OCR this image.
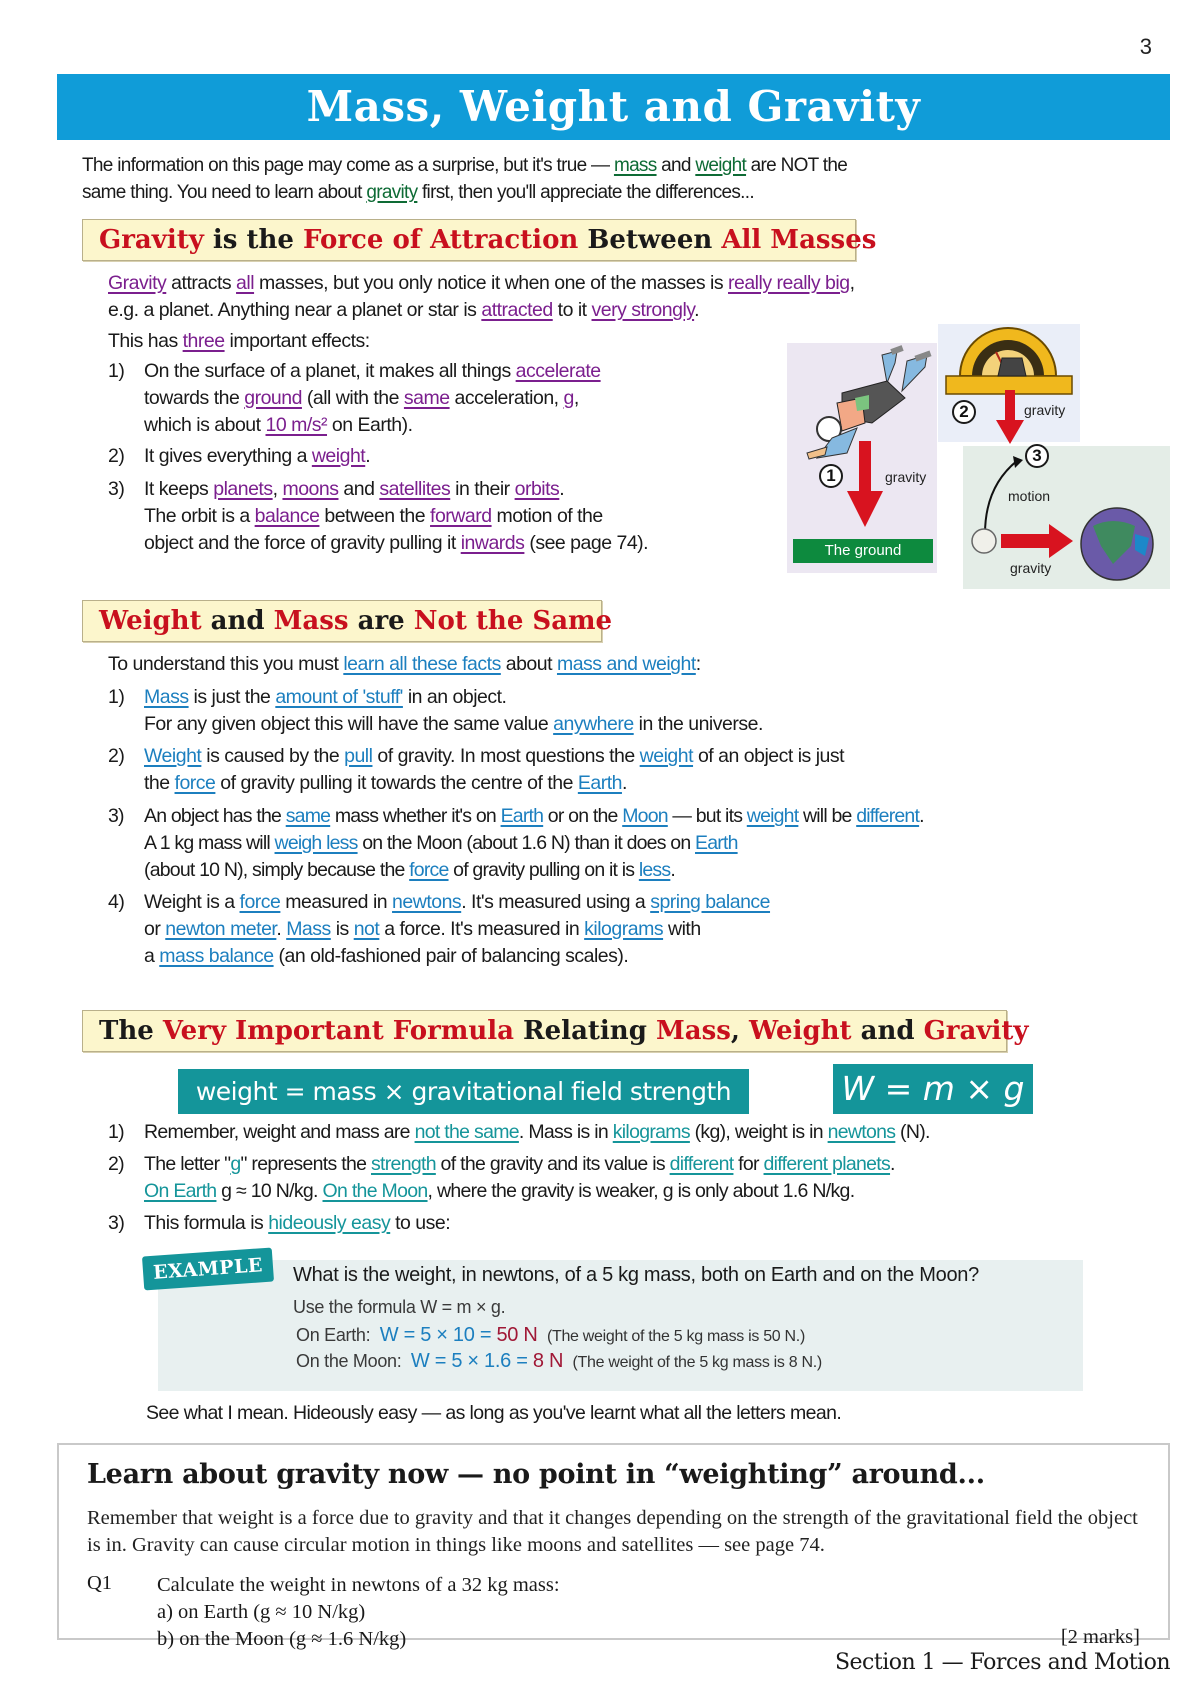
3
Mass, Weight and Gravity
The information on this page may come as a surprise, but it's true — mass and weight are NOT the
same thing. You need to learn about gravity first, then you'll appreciate the differences...
Gravity is the Force of Attraction Between All Masses
Gravity attracts all masses, but you only notice it when one of the masses is really really big,
e.g. a planet. Anything near a planet or star is attracted to it very strongly.
This has three important effects:
1)	On the surface of a planet, it makes all things accelerate
towards the ground (all with the same acceleration, g,
which is about 10 m/s² on Earth).
2)	It gives everything a weight.
3)	It keeps planets, moons and satellites in their orbits.
The orbit is a balance between the forward motion of the
object and the force of gravity pulling it inwards (see page 74).
1	gravity
The ground
2	gravity
3
motion
gravity
Weight and Mass are Not the Same
To understand this you must learn all these facts about mass and weight:
1)	Mass is just the amount of 'stuff' in an object.
For any given object this will have the same value anywhere in the universe.
2)	Weight is caused by the pull of gravity. In most questions the weight of an object is just
the force of gravity pulling it towards the centre of the Earth.
3)	An object has the same mass whether it's on Earth or on the Moon — but its weight will be different.
A 1 kg mass will weigh less on the Moon (about 1.6 N) than it does on Earth
(about 10 N), simply because the force of gravity pulling on it is less.
4)	Weight is a force measured in newtons. It's measured using a spring balance
or newton meter. Mass is not a force. It's measured in kilograms with
a mass balance (an old-fashioned pair of balancing scales).
The Very Important Formula Relating Mass, Weight and Gravity
weight = mass × gravitational field strength	W = m × g
1)	Remember, weight and mass are not the same. Mass is in kilograms (kg), weight is in newtons (N).
2)	The letter "g" represents the strength of the gravity and its value is different for different planets.
On Earth g ≈ 10 N/kg. On the Moon, where the gravity is weaker, g is only about 1.6 N/kg.
3)	This formula is hideously easy to use:
EXAMPLE	What is the weight, in newtons, of a 5 kg mass, both on Earth and on the Moon?
Use the formula W = m × g.
On Earth: W = 5 × 10 = 50 N (The weight of the 5 kg mass is 50 N.)
On the Moon: W = 5 × 1.6 = 8 N (The weight of the 5 kg mass is 8 N.)
See what I mean. Hideously easy — as long as you've learnt what all the letters mean.
Learn about gravity now — no point in “weighting” around...
Remember that weight is a force due to gravity and that it changes depending on the strength of the gravitational field the object is in. Gravity can cause circular motion in things like moons and satellites — see page 74.
Q1 Calculate the weight in newtons of a 32 kg mass:
a) on Earth (g ≈ 10 N/kg)
b) on the Moon (g ≈ 1.6 N/kg)	[2 marks]
Section 1 — Forces and Motion
